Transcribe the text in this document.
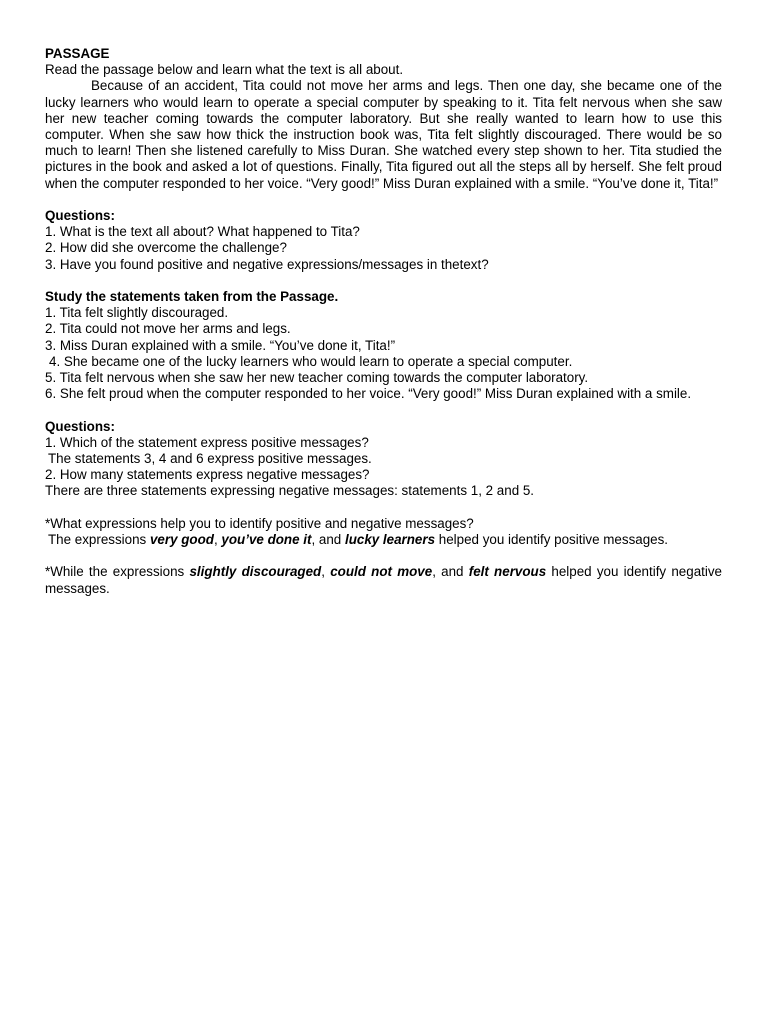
PASSAGE

Read the passage below and learn what the text is all about.

Because of an accident, Tita could not move her arms and legs. Then one day, she became one of the lucky learners who would learn to operate a special computer by speaking to it. Tita felt nervous when she saw her new teacher coming towards the computer laboratory. But she really wanted to learn how to use this computer. When she saw how thick the instruction book was, Tita felt slightly discouraged. There would be so much to learn! Then she listened carefully to Miss Duran. She watched every step shown to her. Tita studied the pictures in the book and asked a lot of questions. Finally, Tita figured out all the steps all by herself. She felt proud when the computer responded to her voice. “Very good!” Miss Duran explained with a smile. “You’ve done it, Tita!”

Questions:

1. What is the text all about? What happened to Tita?

2. How did she overcome the challenge?

3. Have you found positive and negative expressions/messages in thetext?

Study the statements taken from the Passage.

1. Tita felt slightly discouraged.

2. Tita could not move her arms and legs.

3. Miss Duran explained with a smile. “You’ve done it, Tita!”

4. She became one of the lucky learners who would learn to operate a special computer.

5. Tita felt nervous when she saw her new teacher coming towards the computer laboratory.

6. She felt proud when the computer responded to her voice. “Very good!” Miss Duran explained with a smile.

Questions:

1. Which of the statement express positive messages?

The statements 3, 4 and 6 express positive messages.

2. How many statements express negative messages?

There are three statements expressing negative messages: statements 1, 2 and 5.

*What expressions help you to identify positive and negative messages?

The expressions very good, you’ve done it, and lucky learners helped you identify positive messages.

*While the expressions slightly discouraged, could not move, and felt nervous helped you identify negative messages.
